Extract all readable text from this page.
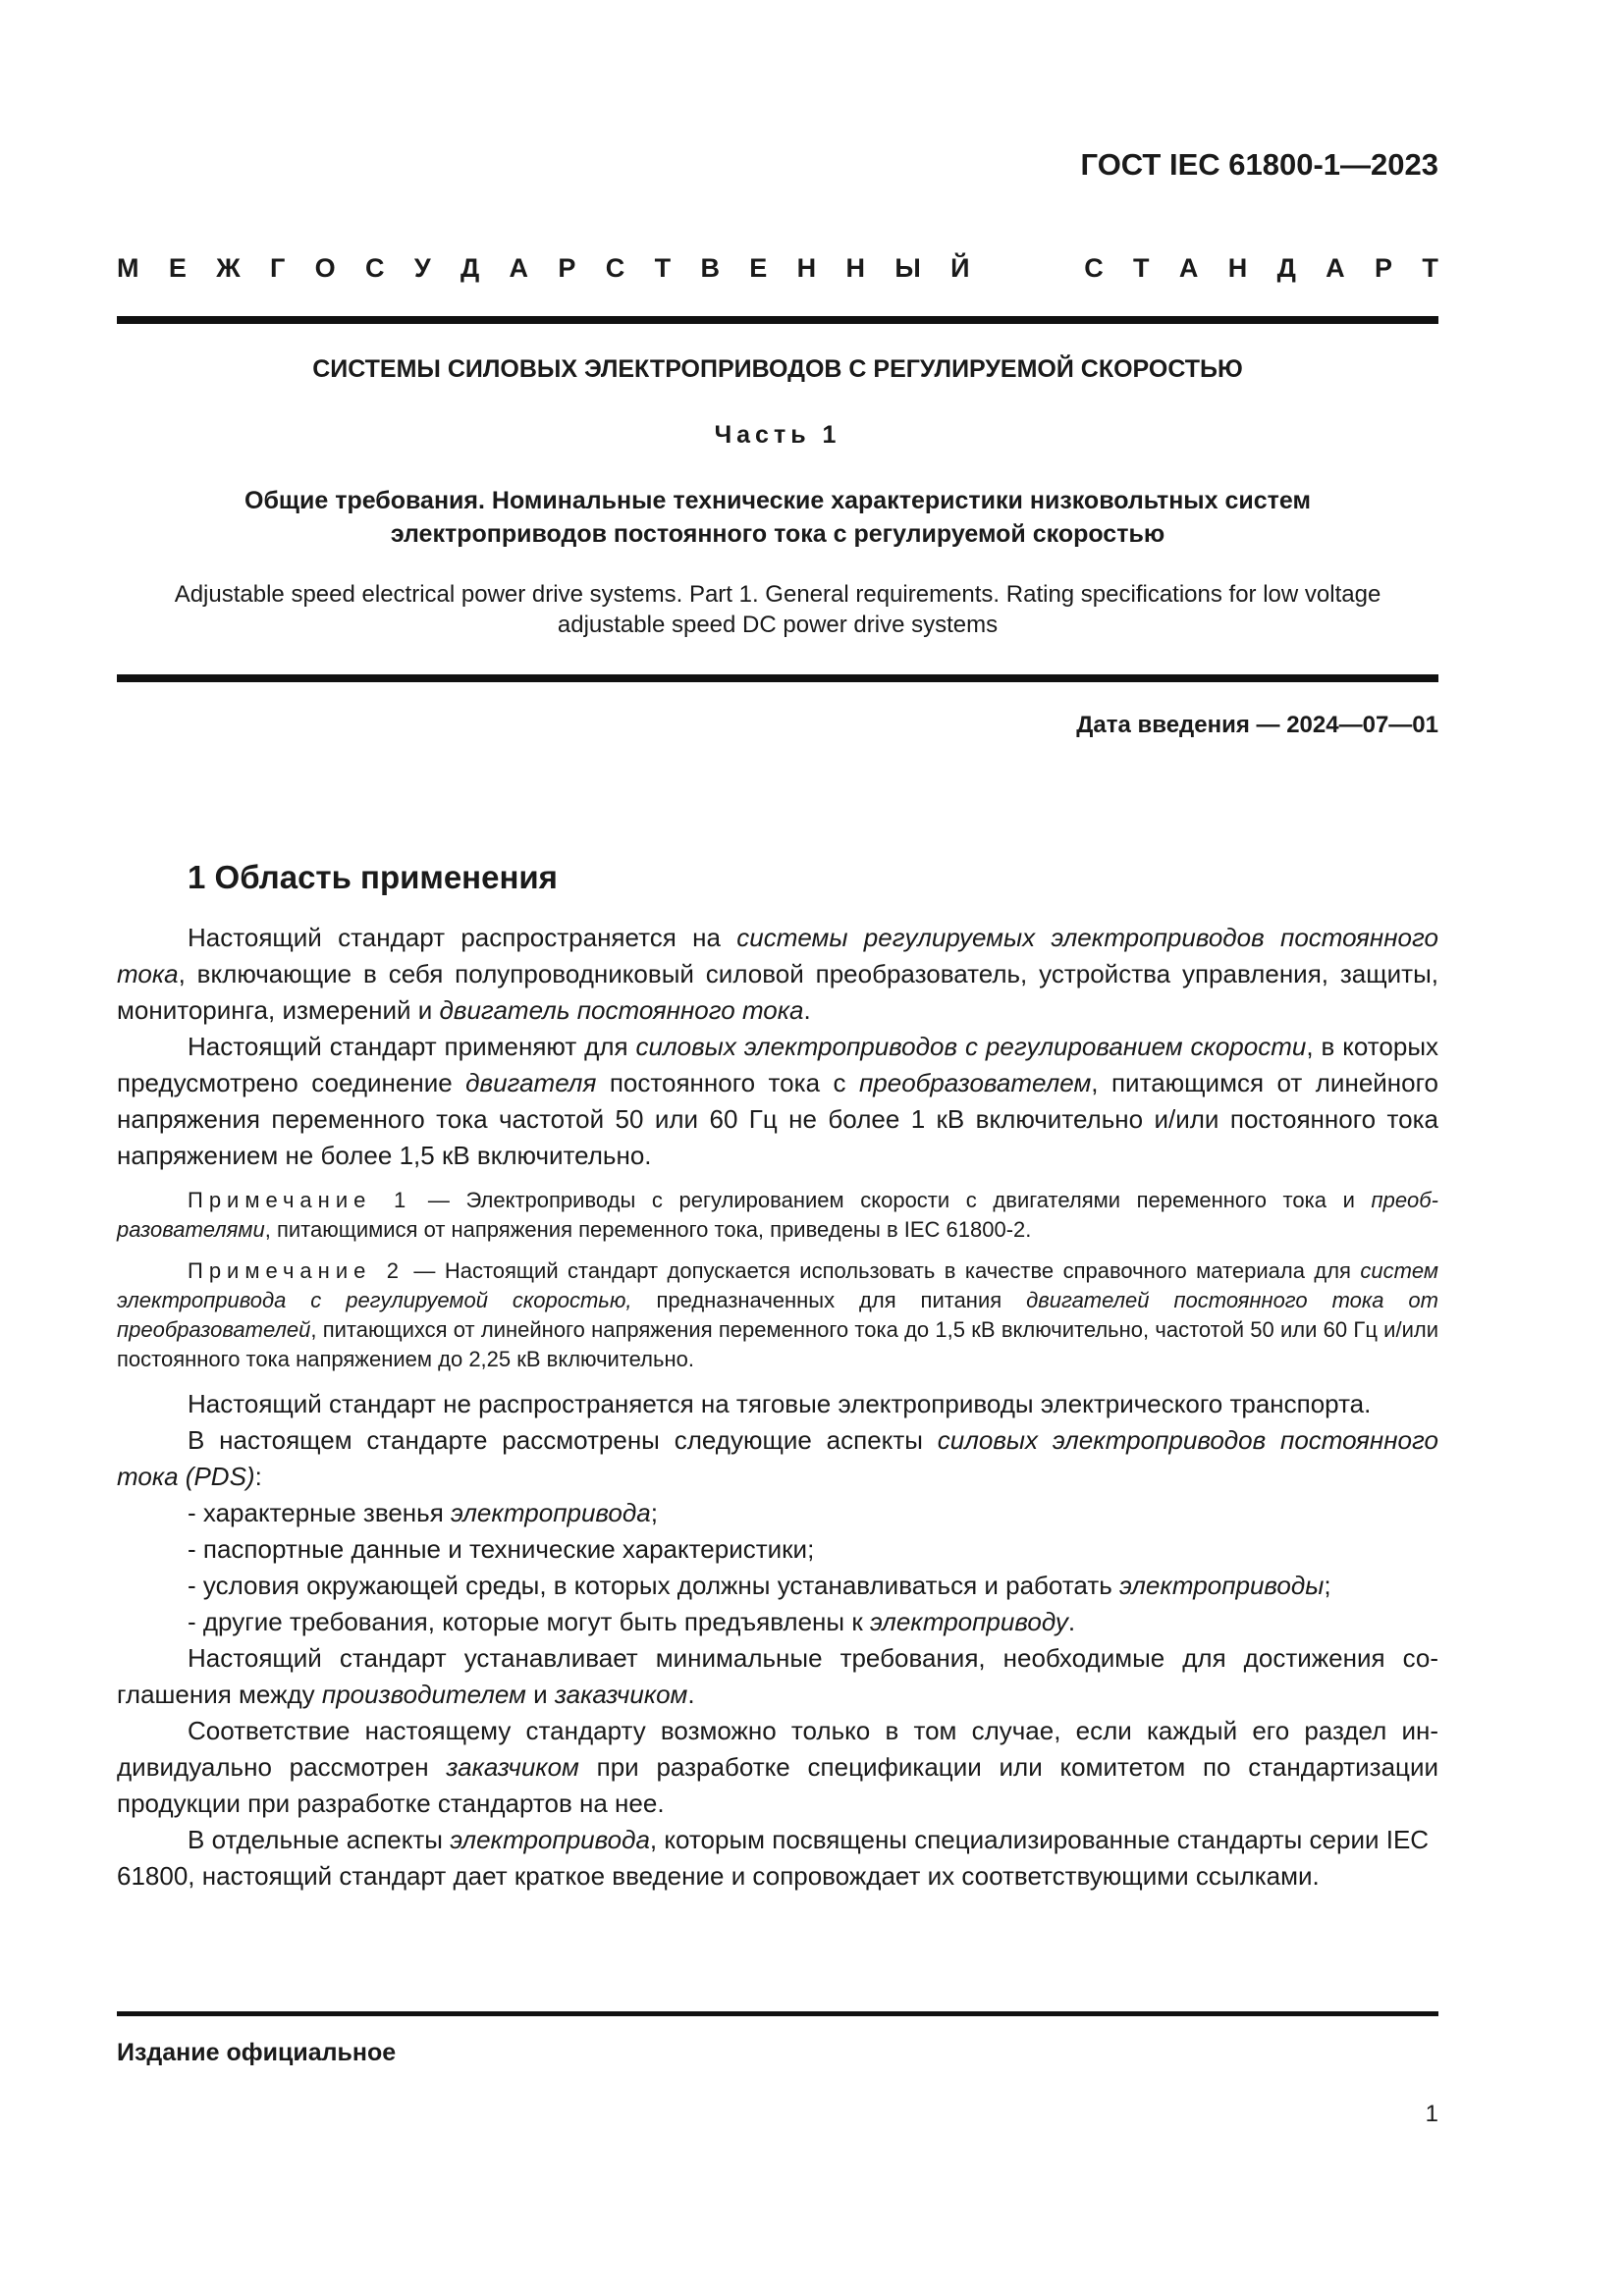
ГОСТ IEC 61800-1—2023
М Е Ж Г О С У Д А Р С Т В Е Н Н Ы Й	С Т А Н Д А Р Т
СИСТЕМЫ СИЛОВЫХ ЭЛЕКТРОПРИВОДОВ С РЕГУЛИРУЕМОЙ СКОРОСТЬЮ
Часть 1
Общие требования. Номинальные технические характеристики низковольтных систем
электроприводов постоянного тока с регулируемой скоростью
Adjustable speed electrical power drive systems. Part 1. General requirements. Rating specifications for low voltage
adjustable speed DC power drive systems
Дата введения — 2024—07—01
1 Область применения

Настоящий стандарт распространяется на системы регулируемых электроприводов постоянного тока, включающие в себя полупроводниковый силовой преобразователь, устройства управления, защиты, мониторинга, измерений и двигатель постоянного тока.

Настоящий стандарт применяют для силовых электроприводов с регулированием скорости, в которых предусмотрено соединение двигателя постоянного тока с преобразователем, питающимся от линейного напряжения переменного тока частотой 50 или 60 Гц не более 1 кВ включительно и/или постоянного тока напряжением не более 1,5 кВ включительно.

Примечание 1 — Электроприводы с регулированием скорости с двигателями переменного тока и преобразователями, питающимися от напряжения переменного тока, приведены в IEC 61800-2.

Примечание 2 — Настоящий стандарт допускается использовать в качестве справочного материала для систем электропривода с регулируемой скоростью, предназначенных для питания двигателей постоянного тока от преобразователей, питающихся от линейного напряжения переменного тока до 1,5 кВ включительно, частотой 50 или 60 Гц и/или постоянного тока напряжением до 2,25 кВ включительно.

Настоящий стандарт не распространяется на тяговые электроприводы электрического транспорта.

В настоящем стандарте рассмотрены следующие аспекты силовых электроприводов постоянного тока (PDS):

- характерные звенья электропривода;

- паспортные данные и технические характеристики;

- условия окружающей среды, в которых должны устанавливаться и работать электроприводы;

- другие требования, которые могут быть предъявлены к электроприводу.

Настоящий стандарт устанавливает минимальные требования, необходимые для достижения соглашения между производителем и заказчиком.

Соответствие настоящему стандарту возможно только в том случае, если каждый его раздел индивидуально рассмотрен заказчиком при разработке спецификации или комитетом по стандартизации продукции при разработке стандартов на нее.

В отдельные аспекты электропривода, которым посвящены специализированные стандарты серии IEC 61800, настоящий стандарт дает краткое введение и сопровождает их соответствующими ссылками.

Издание официальное
1
